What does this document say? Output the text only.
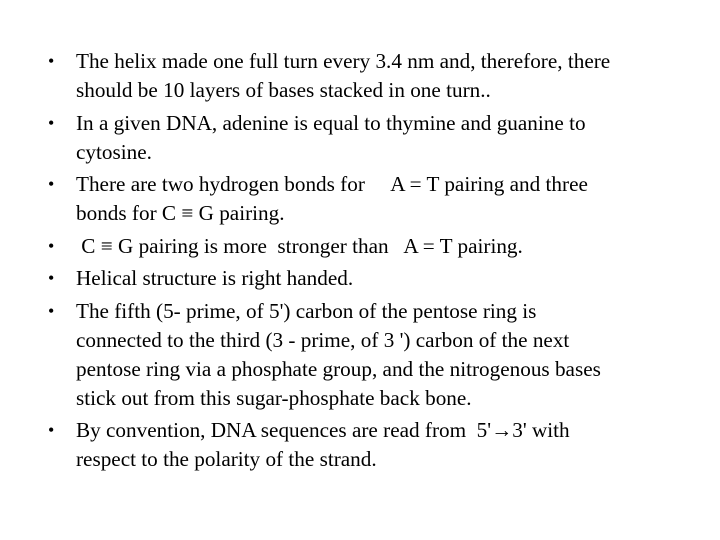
• The helix made one full turn every 3.4 nm and, therefore, there
should be 10 layers of bases stacked in one turn..
• In a given DNA, adenine is equal to thymine and guanine to
cytosine.
• There are two hydrogen bonds for     A = T pairing and three
bonds for C ≡ G pairing.
• C ≡ G pairing is more  stronger than   A = T pairing.
• Helical structure is right handed.
• The fifth (5- prime, of 5') carbon of the pentose ring is
connected to the third (3 - prime, of 3 ') carbon of the next
pentose ring via a phosphate group, and the nitrogenous bases
stick out from this sugar-phosphate back bone.
• By convention, DNA sequences are read from  5'→3' with
respect to the polarity of the strand.
